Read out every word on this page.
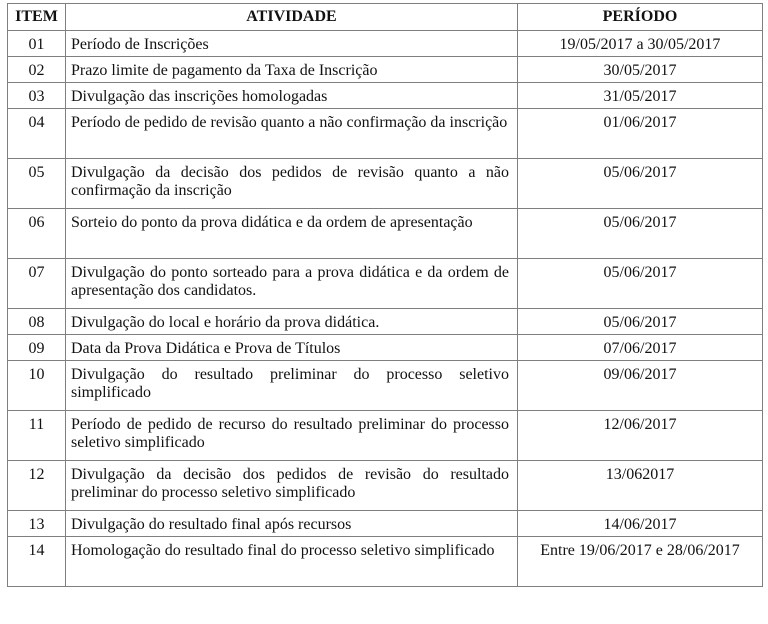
ITEM	ATIVIDADE	PERÍODO
01	Período de Inscrições	19/05/2017 a 30/05/2017
02	Prazo limite de pagamento da Taxa de Inscrição	30/05/2017
03	Divulgação das inscrições homologadas	31/05/2017
04	Período de pedido de revisão quanto a não confirmação da inscrição	01/06/2017
05	Divulgação da decisão dos pedidos de revisão quanto a não confirmação da inscrição	05/06/2017
06	Sorteio do ponto da prova didática e da ordem de apresentação	05/06/2017
07	Divulgação do ponto sorteado para a prova didática e da ordem de apresentação dos candidatos.	05/06/2017
08	Divulgação do local e horário da prova didática.	05/06/2017
09	Data da Prova Didática e Prova de Títulos	07/06/2017
10	Divulgação do resultado preliminar do processo seletivo simplificado	09/06/2017
11	Período de pedido de recurso do resultado preliminar do processo seletivo simplificado	12/06/2017
12	Divulgação da decisão dos pedidos de revisão do resultado preliminar do processo seletivo simplificado	13/062017
13	Divulgação do resultado final após recursos	14/06/2017
14	Homologação do resultado final do processo seletivo simplificado	Entre 19/06/2017 e 28/06/2017
